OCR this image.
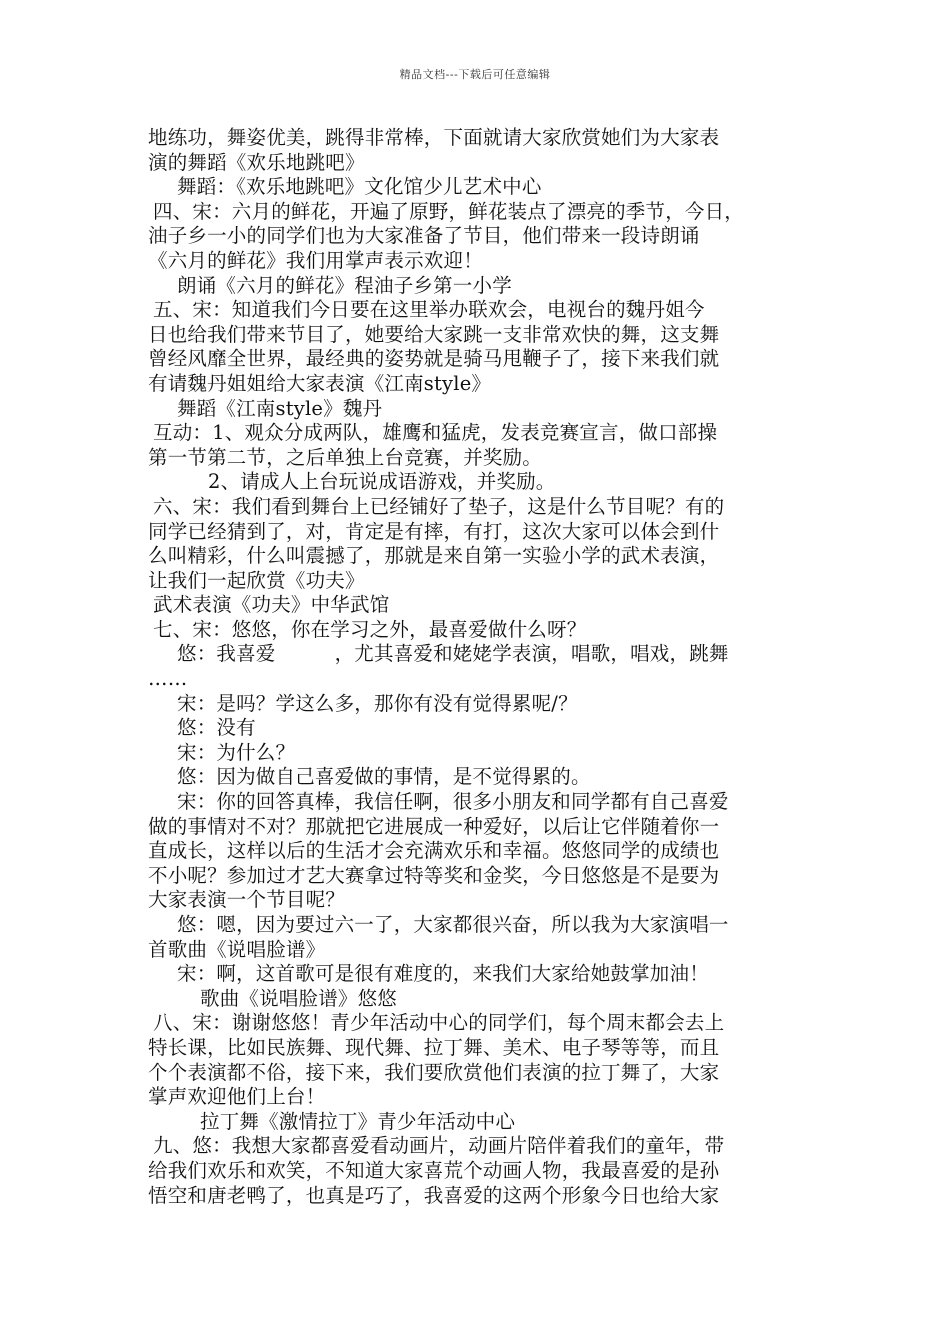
精品文档---下载后可任意编辑
地练功，舞姿优美，跳得非常棒，下面就请大家欣赏她们为大家表
演的舞蹈《欢乐地跳吧》
舞蹈：《欢乐地跳吧》文化馆少儿艺术中心
四、宋：六月的鲜花，开遍了原野，鲜花装点了漂亮的季节，今日，
油子乡一小的同学们也为大家准备了节目，他们带来一段诗朗诵
《六月的鲜花》我们用掌声表示欢迎！
朗诵《六月的鲜花》程油子乡第一小学
五、宋：知道我们今日要在这里举办联欢会，电视台的魏丹姐今
日也给我们带来节目了，她要给大家跳一支非常欢快的舞，这支舞
曾经风靡全世界，最经典的姿势就是骑马甩鞭子了，接下来我们就
有请魏丹姐姐给大家表演《江南style》
舞蹈《江南style》魏丹
互动：1、观众分成两队，雄鹰和猛虎，发表竞赛宣言，做口部操
第一节第二节，之后单独上台竞赛，并奖励。
2、请成人上台玩说成语游戏，并奖励。
六、宋：我们看到舞台上已经铺好了垫子，这是什么节目呢？有的
同学已经猜到了，对，肯定是有摔，有打，这次大家可以体会到什
么叫精彩，什么叫震撼了，那就是来自第一实验小学的武术表演，
让我们一起欣赏《功夫》
武术表演《功夫》中华武馆
七、宋：悠悠，你在学习之外，最喜爱做什么呀？
悠：我喜爱　　　，尤其喜爱和姥姥学表演，唱歌，唱戏，跳舞
……
宋：是吗？学这么多，那你有没有觉得累呢/？
悠：没有
宋：为什么？
悠：因为做自己喜爱做的事情，是不觉得累的。
宋：你的回答真棒，我信任啊，很多小朋友和同学都有自己喜爱
做的事情对不对？那就把它进展成一种爱好，以后让它伴随着你一
直成长，这样以后的生活才会充满欢乐和幸福。悠悠同学的成绩也
不小呢？参加过才艺大赛拿过特等奖和金奖，今日悠悠是不是要为
大家表演一个节目呢？
悠：嗯，因为要过六一了，大家都很兴奋，所以我为大家演唱一
首歌曲《说唱脸谱》
宋：啊，这首歌可是很有难度的，来我们大家给她鼓掌加油！
歌曲《说唱脸谱》悠悠
八、宋：谢谢悠悠！青少年活动中心的同学们，每个周末都会去上
特长课，比如民族舞、现代舞、拉丁舞、美术、电子琴等等，而且
个个表演都不俗，接下来，我们要欣赏他们表演的拉丁舞了，大家
掌声欢迎他们上台！
拉丁舞《激情拉丁》青少年活动中心
九、悠：我想大家都喜爱看动画片，动画片陪伴着我们的童年，带
给我们欢乐和欢笑，不知道大家喜荒个动画人物，我最喜爱的是孙
悟空和唐老鸭了，也真是巧了，我喜爱的这两个形象今日也给大家
